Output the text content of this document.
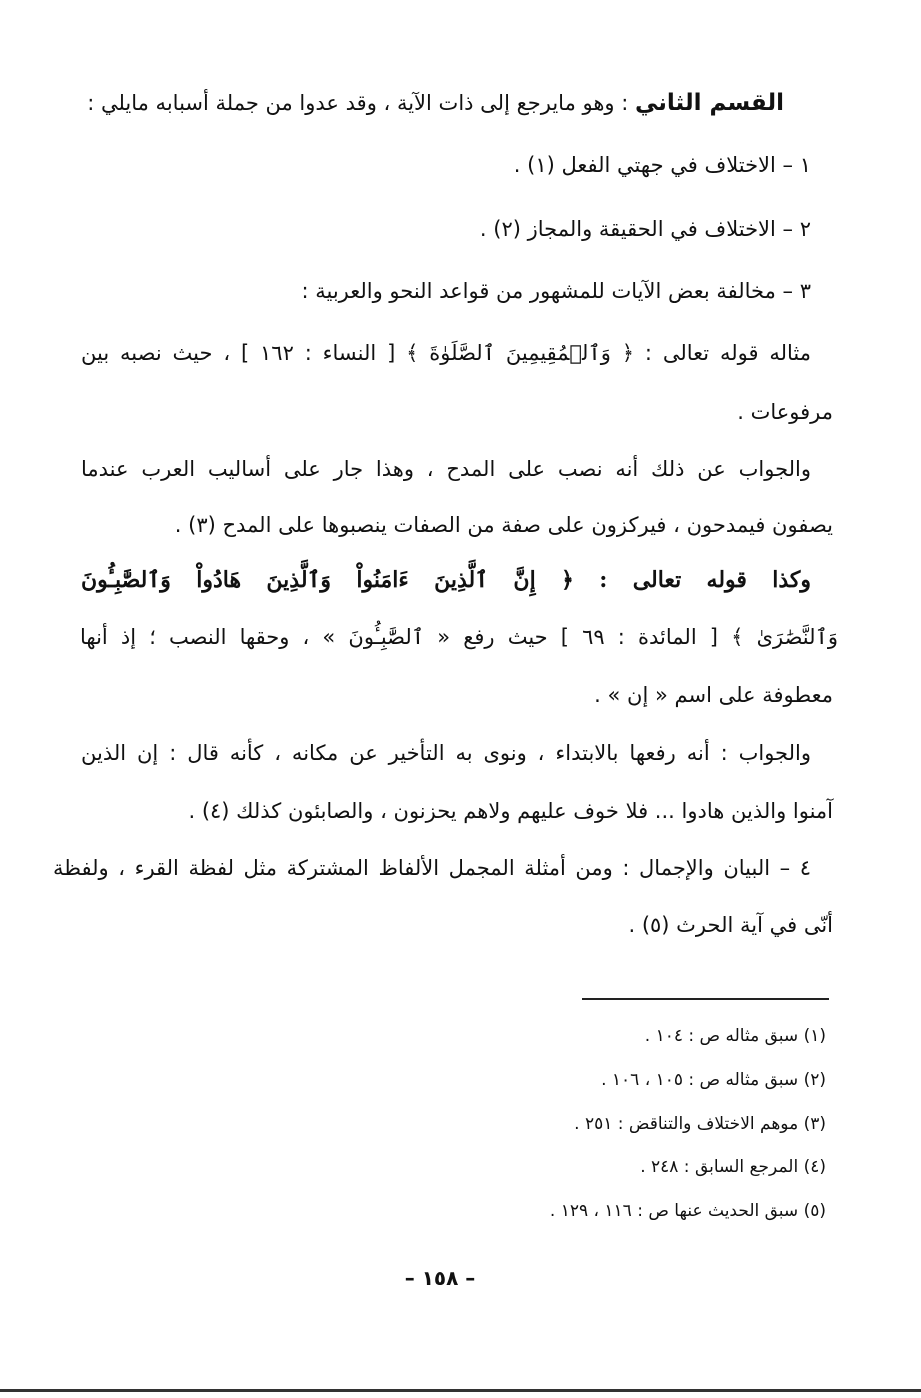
القسم الثاني : وهو مايرجع إلى ذات الآية ، وقد عدوا من جملة أسبابه مايلي :
١ – الاختلاف في جهتي الفعل (١) .
٢ – الاختلاف في الحقيقة والمجاز (٢) .
٣ – مخالفة بعض الآيات للمشهور من قواعد النحو والعربية :
مثاله قوله تعالى : ﴿ وَٱلۡمُقِيمِينَ ٱلصَّلَوٰةَ ﴾ [ النساء : ١٦٢ ] ، حيث نصبه بين
مرفوعات .
والجواب عن ذلك أنه نصب على المدح ، وهذا جار على أساليب العرب عندما
يصفون فيمدحون ، فيركزون على صفة من الصفات ينصبوها على المدح (٣) .
وكذا قوله تعالى : ﴿ إِنَّ ٱلَّذِينَ ءَامَنُواْ وَٱلَّذِينَ هَادُواْ وَٱلصَّٰبِـُٔونَ
وَٱلنَّصَٰرَىٰ ﴾ [ المائدة : ٦٩ ] حيث رفع « ٱلصَّٰبِـُٔونَ » ، وحقها النصب ؛ إذ أنها
معطوفة على اسم « إن » .
والجواب : أنه رفعها بالابتداء ، ونوى به التأخير عن مكانه ، كأنه قال : إن الذين
آمنوا والذين هادوا ... فلا خوف عليهم ولاهم يحزنون ، والصابئون كذلك (٤) .
٤ – البيان والإجمال : ومن أمثلة المجمل الألفاظ المشتركة مثل لفظة القرء ، ولفظة
أنّى في آية الحرث (٥) .
(١) سبق مثاله ص : ١٠٤ .
(٢) سبق مثاله ص : ١٠٥ ، ١٠٦ .
(٣) موهم الاختلاف والتناقض : ٢٥١ .
(٤) المرجع السابق : ٢٤٨ .
(٥) سبق الحديث عنها ص : ١١٦ ، ١٢٩ .
– ١٥٨ –
